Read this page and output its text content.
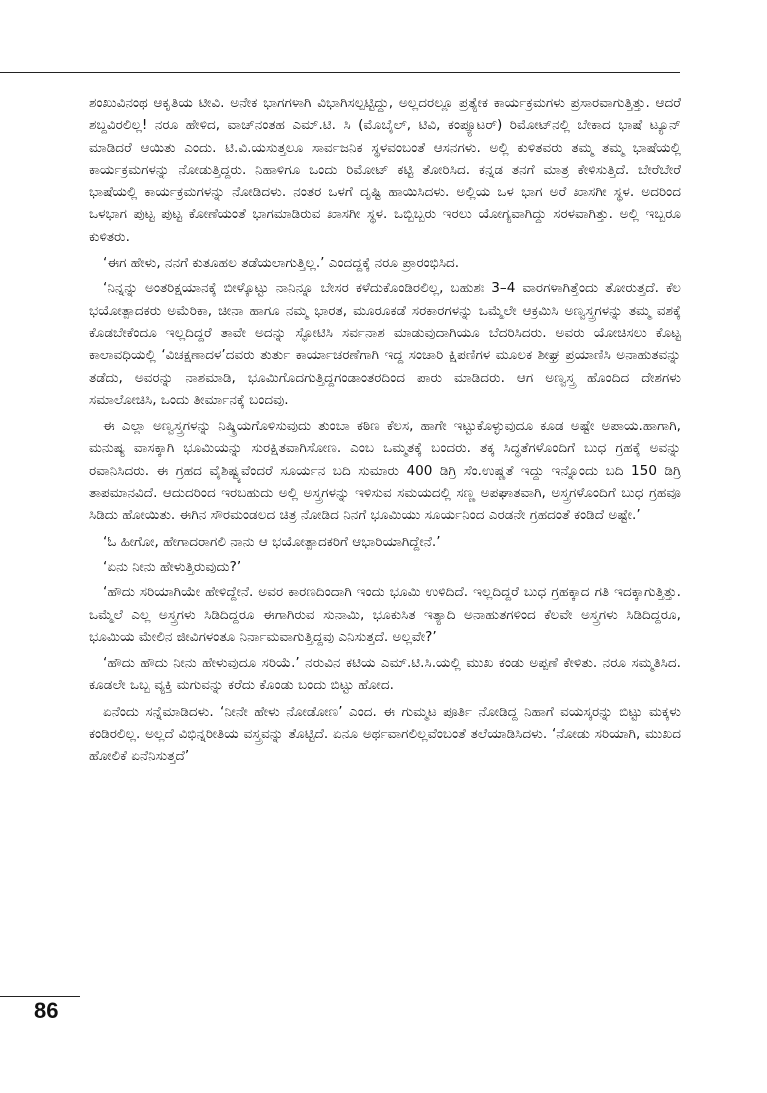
ಶಂಖುವಿನಂಥ ಆಕೃತಿಯ ಟೀವಿ. ಅನೇಕ ಭಾಗಗಳಾಗಿ ವಿಭಾಗಿಸಲ್ಪಟ್ಟಿದ್ದು, ಅಲ್ಲದರಲ್ಲೂ ಪ್ರತ್ಯೇಕ ಕಾರ್ಯಕ್ರಮಗಳು ಪ್ರಸಾರವಾಗುತ್ತಿತ್ತು. ಆದರೆ ಶಬ್ದವಿರಲಿಲ್ಲ! ನರೂ ಹೇಳಿದ, ವಾಚ್‌ನಂತಹ ಎಮ್.ಟಿ. ಸಿ (ಮೊಬೈಲ್, ಟಿವಿ, ಕಂಪ್ಯೂಟರ್) ರಿಮೋಟ್‌ನಲ್ಲಿ ಬೇಕಾದ ಭಾಷೆ ಟ್ಯೂನ್ ಮಾಡಿದರೆ ಆಯಿತು ಎಂದು. ಟಿ.ವಿ.ಯಸುತ್ತಲೂ ಸಾರ್ವಜನಿಕ ಸ್ಥಳವಂಬಂತೆ ಆಸನಗಳು. ಅಲ್ಲಿ ಕುಳಿತವರು ತಮ್ಮ ತಮ್ಮ ಭಾಷೆಯಲ್ಲಿ ಕಾರ್ಯಕ್ರಮಗಳನ್ನು ನೋಡುತ್ತಿದ್ದರು. ನಿಹಾಳಿಗೂ ಒಂದು ರಿಮೋಟ್ ಕಟ್ಟಿ ತೋರಿಸಿದ. ಕನ್ನಡ ತನಗೆ ಮಾತ್ರ ಕೇಳಿಸುತ್ತಿದೆ. ಬೇರೆಬೇರೆ ಭಾಷೆಯಲ್ಲಿ ಕಾರ್ಯಕ್ರಮಗಳನ್ನು ನೋಡಿದಳು. ನಂತರ ಒಳಗೆ ದೃಷ್ಟಿ ಹಾಯಿಸಿದಳು. ಅಲ್ಲಿಯ ಒಳ ಭಾಗ ಅರೆ ಖಾಸಗೀ ಸ್ಥಳ. ಅದರಿಂದ ಒಳಭಾಗ ಪುಟ್ಟ ಪುಟ್ಟ ಕೋಣೆಯಂತೆ ಭಾಗಮಾಡಿರುವ ಖಾಸಗೀ ಸ್ಥಳ. ಒಬ್ಬಿಬ್ಬರು ಇರಲು ಯೋಗ್ಯವಾಗಿದ್ದು ಸರಳವಾಗಿತ್ತು. ಅಲ್ಲಿ ಇಬ್ಬರೂ ಕುಳಿತರು.

‘ಈಗ ಹೇಳು, ನನಗೆ ಕುತೂಹಲ ತಡೆಯಲಾಗುತ್ತಿಲ್ಲ.’ ಎಂದದ್ದಕ್ಕೆ ನರೂ ಪ್ರಾರಂಭಿಸಿದ.

‘ನಿನ್ನನ್ನು ಅಂತರಿಕ್ಷಯಾನಕ್ಕೆ ಬೀಳ್ಕೊಟ್ಟು ನಾನಿನ್ನೂ ಬೇಸರ ಕಳೆದುಕೊಂಡಿರಲಿಲ್ಲ, ಬಹುಶಃ 3–4 ವಾರಗಳಾಗಿತ್ತೆಂದು ತೋರುತ್ತದೆ. ಕೆಲ ಭಯೋತ್ಪಾದಕರು ಅಮೆರಿಕಾ, ಚೀನಾ ಹಾಗೂ ನಮ್ಮ ಭಾರತ, ಮೂರೂಕಡೆ ಸರಕಾರಗಳನ್ನು ಒಮ್ಮೆಲೇ ಆಕ್ರಮಿಸಿ ಅಣ್ವಸ್ತ್ರಗಳನ್ನು ತಮ್ಮ ವಶಕ್ಕೆ ಕೊಡಬೇಕೆಂದೂ ಇಲ್ಲದಿದ್ದರೆ ತಾವೇ ಅದನ್ನು ಸ್ಫೋಟಿಸಿ ಸರ್ವನಾಶ ಮಾಡುವುದಾಗಿಯೂ ಬೆದರಿಸಿದರು. ಅವರು ಯೋಚಿಸಲು ಕೊಟ್ಟ ಕಾಲಾವಧಿಯಲ್ಲಿ ‘ವಿಚಕ್ಷಣಾದಳ’ದವರು ತುರ್ತು ಕಾರ್ಯಾಚರಣೆಗಾಗಿ ಇದ್ದ ಸಂಚಾರಿ ಕ್ಷಿಪಣಿಗಳ ಮೂಲಕ ಶೀಘ್ರ ಪ್ರಯಾಣಿಸಿ ಅನಾಹುತವನ್ನು ತಡೆದು, ಅವರನ್ನು ನಾಶಮಾಡಿ, ಭೂಮಿಗೊದಗುತ್ತಿದ್ದಗಂಡಾಂತರದಿಂದ ಪಾರು ಮಾಡಿದರು. ಆಗ ಅಣ್ವಸ್ತ್ರ ಹೊಂದಿದ ದೇಶಗಳು ಸಮಾಲೋಚಿಸಿ, ಒಂದು ತೀರ್ಮಾನಕ್ಕೆ ಬಂದವು.

ಈ ಎಲ್ಲಾ ಅಣ್ವಸ್ತ್ರಗಳನ್ನು ನಿಷ್ಕ್ರಿಯಗೊಳಿಸುವುದು ತುಂಬಾ ಕಠಿಣ ಕೆಲಸ, ಹಾಗೇ ಇಟ್ಟುಕೊಳ್ಳುವುದೂ ಕೂಡ ಅಷ್ಟೇ ಅಪಾಯ.ಹಾಗಾಗಿ, ಮನುಷ್ಯ ವಾಸಕ್ಕಾಗಿ ಭೂಮಿಯನ್ನು ಸುರಕ್ಷಿತವಾಗಿಸೋಣ. ಎಂಬ ಒಮ್ಮತಕ್ಕೆ ಬಂದರು. ತಕ್ಕ ಸಿದ್ಧತೆಗಳೊಂದಿಗೆ ಬುಧ ಗ್ರಹಕ್ಕೆ ಅವನ್ನು ರವಾನಿಸಿದರು. ಈ ಗ್ರಹದ ವೈಶಿಷ್ಟ್ಯವೆಂದರೆ ಸೂರ್ಯನ ಬದಿ ಸುಮಾರು 400 ಡಿಗ್ರಿ ಸೆಂ.ಉಷ್ಣತೆ ಇದ್ದು ಇನ್ನೊಂದು ಬದಿ 150 ಡಿಗ್ರಿ ತಾಪಮಾನವಿದೆ. ಆದುದರಿಂದ ಇರಬಹುದು ಅಲ್ಲಿ ಅಸ್ತ್ರಗಳನ್ನು ಇಳಿಸುವ ಸಮಯದಲ್ಲಿ ಸಣ್ಣ ಅಪಘಾತವಾಗಿ, ಅಸ್ತ್ರಗಳೊಂದಿಗೆ ಬುಧ ಗ್ರಹವೂ ಸಿಡಿದು ಹೋಯಿತು. ಈಗಿನ ಸೌರಮಂಡಲದ ಚಿತ್ರ ನೋಡಿದ ನಿನಗೆ ಭೂಮಿಯು ಸೂರ್ಯನಿಂದ ಎರಡನೇ ಗ್ರಹದಂತೆ ಕಂಡಿದೆ ಅಷ್ಟೇ.’

‘ಓ ಹೀಗೋ, ಹೇಗಾದರಾಗಲಿ ನಾನು ಆ ಭಯೋತ್ಪಾದಕರಿಗೆ ಆಭಾರಿಯಾಗಿದ್ದೇನೆ.’

‘ಏನು ನೀನು ಹೇಳುತ್ತಿರುವುದು?’

‘ಹೌದು ಸರಿಯಾಗಿಯೇ ಹೇಳಿದ್ದೇನೆ. ಅವರ ಕಾರಣದಿಂದಾಗಿ ಇಂದು ಭೂಮಿ ಉಳಿದಿದೆ. ಇಲ್ಲದಿದ್ದರೆ ಬುಧ ಗ್ರಹಕ್ಕಾದ ಗತಿ ಇದಕ್ಕಾಗುತ್ತಿತ್ತು. ಒಮ್ಮೆಲೆ ಎಲ್ಲ ಅಸ್ತ್ರಗಳು ಸಿಡಿದಿದ್ದರೂ ಈಗಾಗಿರುವ ಸುನಾಮಿ, ಭೂಕುಸಿತ ಇತ್ಯಾದಿ ಅನಾಹುತಗಳಿಂದ ಕೆಲವೇ ಅಸ್ತ್ರಗಳು ಸಿಡಿದಿದ್ದರೂ, ಭೂಮಿಯ ಮೇಲಿನ ಜೀವಿಗಳಂತೂ ನಿರ್ನಾಮವಾಗುತ್ತಿದ್ದವು ಎನಿಸುತ್ತದೆ. ಅಲ್ಲವೇ?’

‘ಹೌದು ಹೌದು ನೀನು ಹೇಳುವುದೂ ಸರಿಯೆ.’ ನರುವಿನ ಕಟಿಯ ಎಮ್.ಟಿ.ಸಿ.ಯಲ್ಲಿ ಮುಖ ಕಂಡು ಅಪ್ಪಣೆ ಕೇಳಿತು. ನರೂ ಸಮ್ಮತಿಸಿದ. ಕೂಡಲೇ ಒಬ್ಬ ವ್ಯಕ್ತಿ ಮಗುವನ್ನು ಕರೆದು ಕೊಂಡು ಬಂದು ಬಿಟ್ಟು ಹೋದ.

ಏನೆಂದು ಸನ್ನೆಮಾಡಿದಳು. ‘ನೀನೇ ಹೇಳು ನೋಡೋಣ’ ಎಂದ. ಈ ಗುಮ್ಮಟ ಪೂರ್ತಿ ನೋಡಿದ್ದ ನಿಹಾಗೆ ವಯಸ್ಕರನ್ನು ಬಿಟ್ಟು ಮಕ್ಕಳು ಕಂಡಿರಲಿಲ್ಲ. ಅಲ್ಲದೆ ವಿಭಿನ್ನರೀತಿಯ ವಸ್ತ್ರವನ್ನು ತೊಟ್ಟಿದೆ. ಏನೂ ಅರ್ಥವಾಗಲಿಲ್ಲವೆಂಬಂತೆ ತಲೆಯಾಡಿಸಿದಳು. ‘ನೋಡು ಸರಿಯಾಗಿ, ಮುಖದ ಹೋಲಿಕೆ ಏನೆನಿಸುತ್ತದೆ’

86
